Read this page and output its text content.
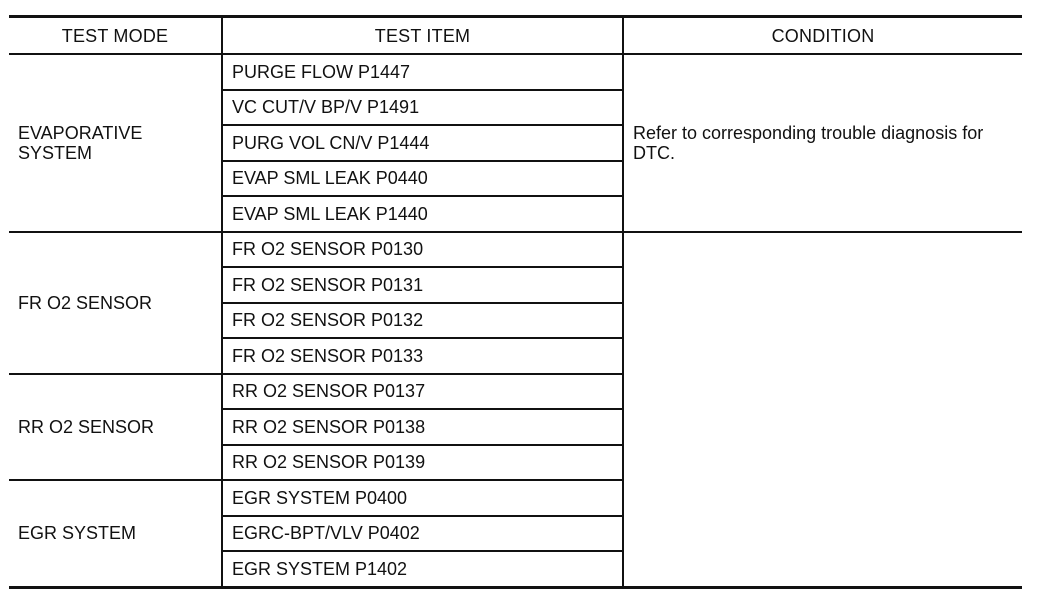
TEST MODE	TEST ITEM	CONDITION
EVAPORATIVE SYSTEM	PURGE FLOW P1447	Refer to corresponding trouble diagnosis for DTC.
	VC CUT/V BP/V P1491	
	PURG VOL CN/V P1444	
	EVAP SML LEAK P0440	
	EVAP SML LEAK P1440	
FR O2 SENSOR	FR O2 SENSOR P0130	
	FR O2 SENSOR P0131	
	FR O2 SENSOR P0132	
	FR O2 SENSOR P0133	
RR O2 SENSOR	RR O2 SENSOR P0137	
	RR O2 SENSOR P0138	
	RR O2 SENSOR P0139	
EGR SYSTEM	EGR SYSTEM P0400	
	EGRC-BPT/VLV P0402	
	EGR SYSTEM P1402	
